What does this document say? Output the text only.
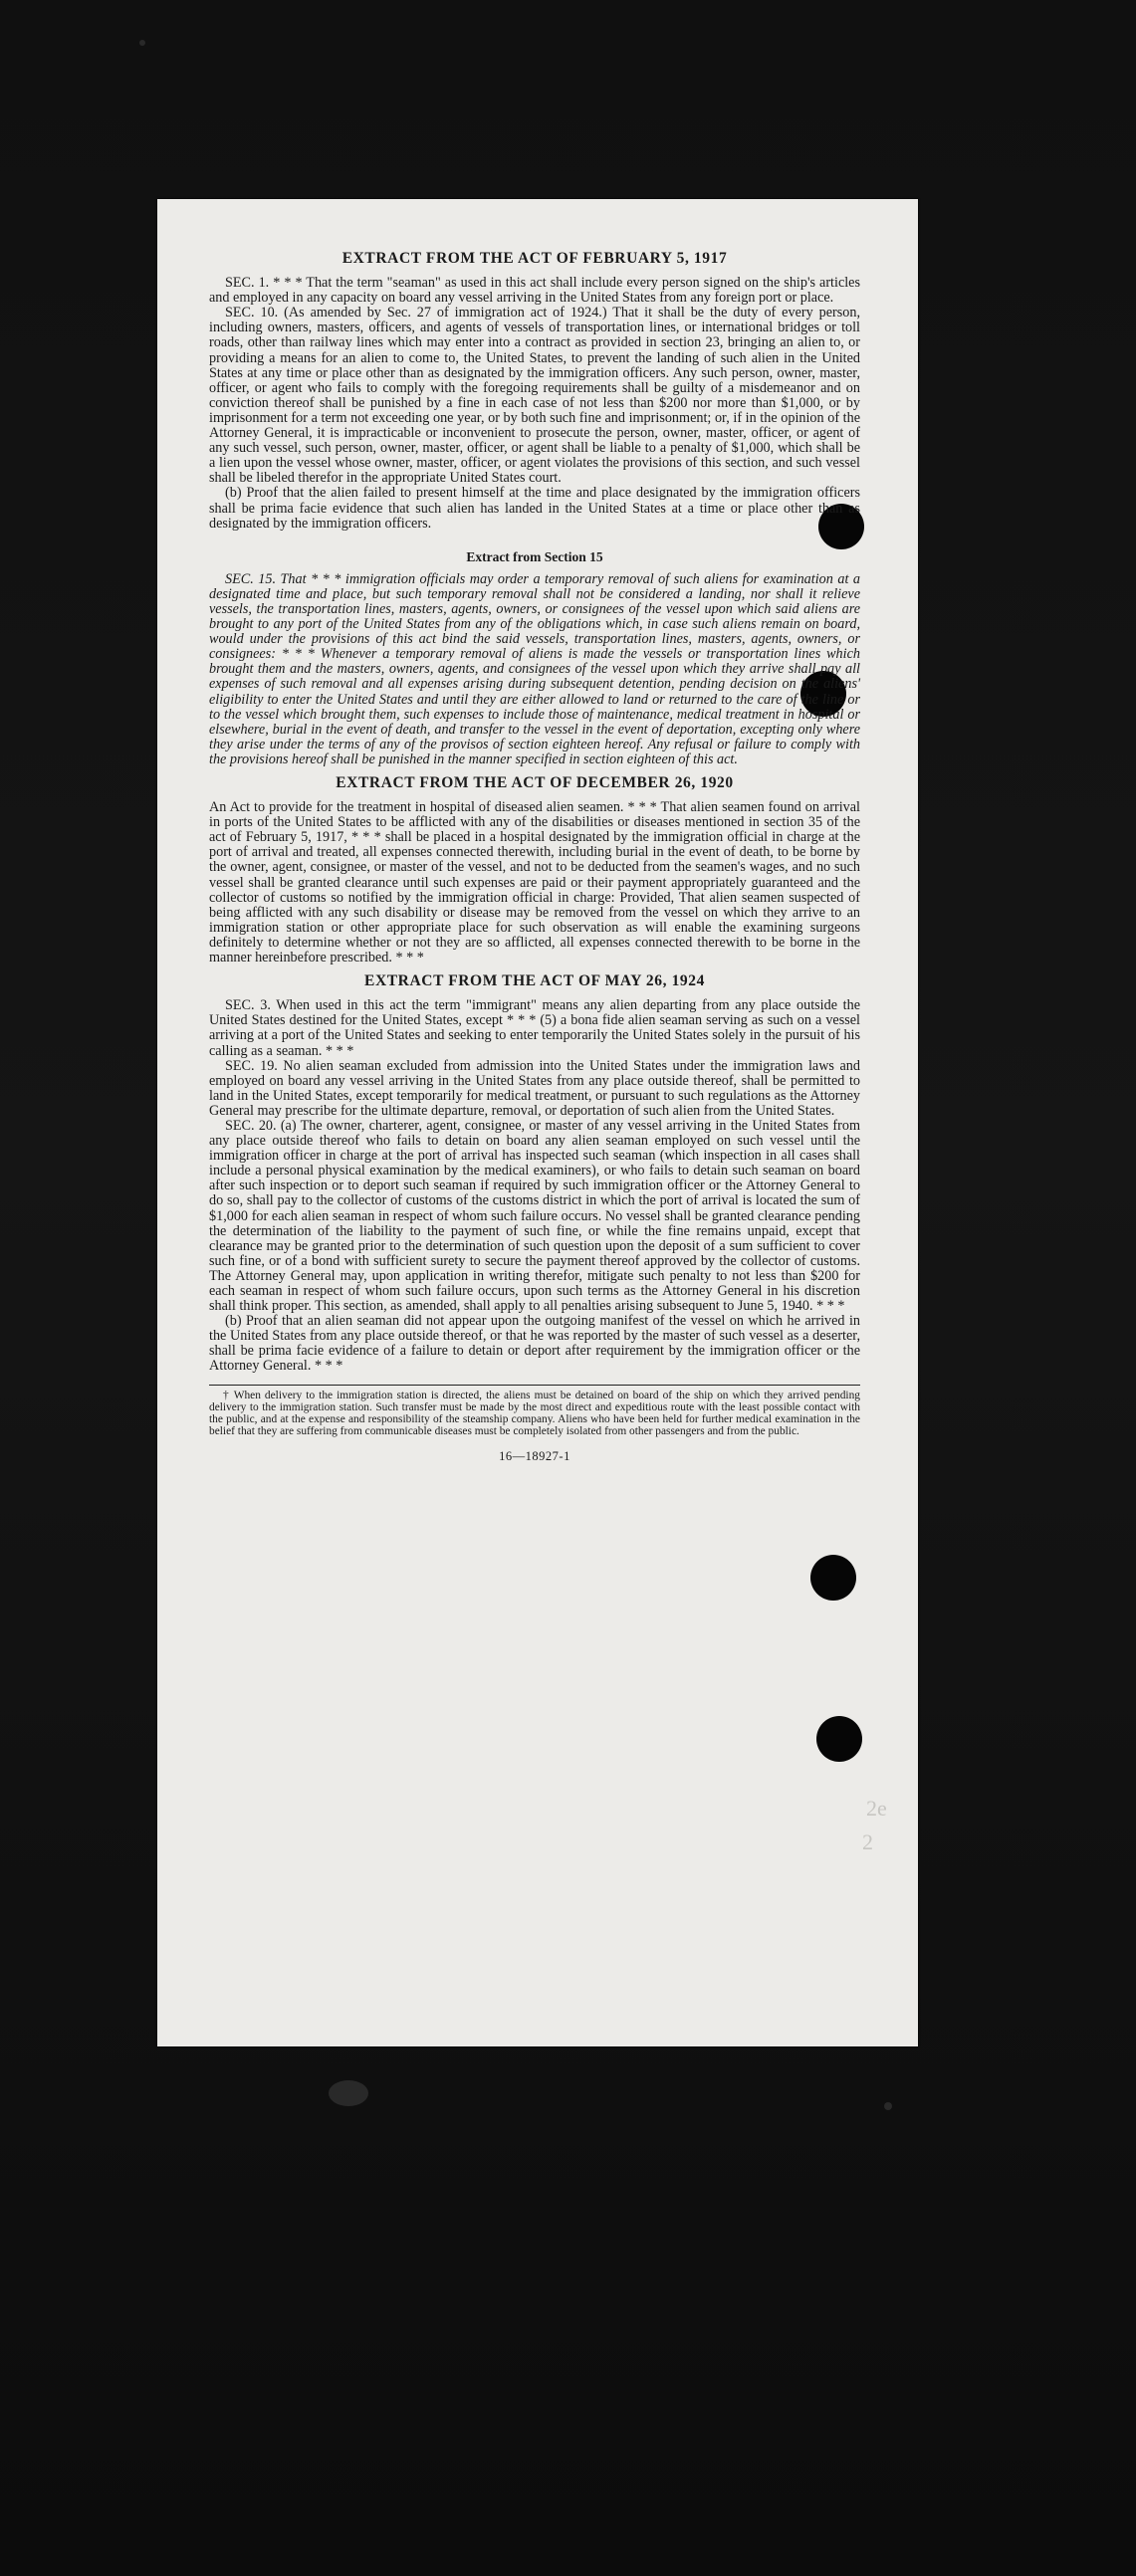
2e
2
EXTRACT FROM THE ACT OF FEBRUARY 5, 1917

SEC. 1. * * * That the term "seaman" as used in this act shall include every person signed on the ship's articles and employed in any capacity on board any vessel arriving in the United States from any foreign port or place.

SEC. 10. (As amended by Sec. 27 of immigration act of 1924.) That it shall be the duty of every person, including owners, masters, officers, and agents of vessels of transportation lines, or international bridges or toll roads, other than railway lines which may enter into a contract as provided in section 23, bringing an alien to, or providing a means for an alien to come to, the United States, to prevent the landing of such alien in the United States at any time or place other than as designated by the immigration officers. Any such person, owner, master, officer, or agent who fails to comply with the foregoing requirements shall be guilty of a misdemeanor and on conviction thereof shall be punished by a fine in each case of not less than $200 nor more than $1,000, or by imprisonment for a term not exceeding one year, or by both such fine and imprisonment; or, if in the opinion of the Attorney General, it is impracticable or inconvenient to prosecute the person, owner, master, officer, or agent of any such vessel, such person, owner, master, officer, or agent shall be liable to a penalty of $1,000, which shall be a lien upon the vessel whose owner, master, officer, or agent violates the provisions of this section, and such vessel shall be libeled therefor in the appropriate United States court.

(b) Proof that the alien failed to present himself at the time and place designated by the immigration officers shall be prima facie evidence that such alien has landed in the United States at a time or place other than as designated by the immigration officers.

Extract from Section 15

SEC. 15. That * * * immigration officials may order a temporary removal of such aliens for examination at a designated time and place, but such temporary removal shall not be considered a landing, nor shall it relieve vessels, the transportation lines, masters, agents, owners, or consignees of the vessel upon which said aliens are brought to any port of the United States from any of the obligations which, in case such aliens remain on board, would under the provisions of this act bind the said vessels, transportation lines, masters, agents, owners, or consignees: * * * Whenever a temporary removal of aliens is made the vessels or transportation lines which brought them and the masters, owners, agents, and consignees of the vessel upon which they arrive shall pay all expenses of such removal and all expenses arising during subsequent detention, pending decision on the aliens' eligibility to enter the United States and until they are either allowed to land or returned to the care of the line or to the vessel which brought them, such expenses to include those of maintenance, medical treatment in hospital or elsewhere, burial in the event of death, and transfer to the vessel in the event of deportation, excepting only where they arise under the terms of any of the provisos of section eighteen hereof. Any refusal or failure to comply with the provisions hereof shall be punished in the manner specified in section eighteen of this act.

EXTRACT FROM THE ACT OF DECEMBER 26, 1920

An Act to provide for the treatment in hospital of diseased alien seamen. * * * That alien seamen found on arrival in ports of the United States to be afflicted with any of the disabilities or diseases mentioned in section 35 of the act of February 5, 1917, * * * shall be placed in a hospital designated by the immigration official in charge at the port of arrival and treated, all expenses connected therewith, including burial in the event of death, to be borne by the owner, agent, consignee, or master of the vessel, and not to be deducted from the seamen's wages, and no such vessel shall be granted clearance until such expenses are paid or their payment appropriately guaranteed and the collector of customs so notified by the immigration official in charge: Provided, That alien seamen suspected of being afflicted with any such disability or disease may be removed from the vessel on which they arrive to an immigration station or other appropriate place for such observation as will enable the examining surgeons definitely to determine whether or not they are so afflicted, all expenses connected therewith to be borne in the manner hereinbefore prescribed. * * *

EXTRACT FROM THE ACT OF MAY 26, 1924

SEC. 3. When used in this act the term "immigrant" means any alien departing from any place outside the United States destined for the United States, except * * * (5) a bona fide alien seaman serving as such on a vessel arriving at a port of the United States and seeking to enter temporarily the United States solely in the pursuit of his calling as a seaman. * * *

SEC. 19. No alien seaman excluded from admission into the United States under the immigration laws and employed on board any vessel arriving in the United States from any place outside thereof, shall be permitted to land in the United States, except temporarily for medical treatment, or pursuant to such regulations as the Attorney General may prescribe for the ultimate departure, removal, or deportation of such alien from the United States.

SEC. 20. (a) The owner, charterer, agent, consignee, or master of any vessel arriving in the United States from any place outside thereof who fails to detain on board any alien seaman employed on such vessel until the immigration officer in charge at the port of arrival has inspected such seaman (which inspection in all cases shall include a personal physical examination by the medical examiners), or who fails to detain such seaman on board after such inspection or to deport such seaman if required by such immigration officer or the Attorney General to do so, shall pay to the collector of customs of the customs district in which the port of arrival is located the sum of $1,000 for each alien seaman in respect of whom such failure occurs. No vessel shall be granted clearance pending the determination of the liability to the payment of such fine, or while the fine remains unpaid, except that clearance may be granted prior to the determination of such question upon the deposit of a sum sufficient to cover such fine, or of a bond with sufficient surety to secure the payment thereof approved by the collector of customs. The Attorney General may, upon application in writing therefor, mitigate such penalty to not less than $200 for each seaman in respect of whom such failure occurs, upon such terms as the Attorney General in his discretion shall think proper. This section, as amended, shall apply to all penalties arising subsequent to June 5, 1940. * * *

(b) Proof that an alien seaman did not appear upon the outgoing manifest of the vessel on which he arrived in the United States from any place outside thereof, or that he was reported by the master of such vessel as a deserter, shall be prima facie evidence of a failure to detain or deport after requirement by the immigration officer or the Attorney General. * * *

† When delivery to the immigration station is directed, the aliens must be detained on board of the ship on which they arrived pending delivery to the immigration station. Such transfer must be made by the most direct and expeditious route with the least possible contact with the public, and at the expense and responsibility of the steamship company. Aliens who have been held for further medical examination in the belief that they are suffering from communicable diseases must be completely isolated from other passengers and from the public.

16—18927-1
